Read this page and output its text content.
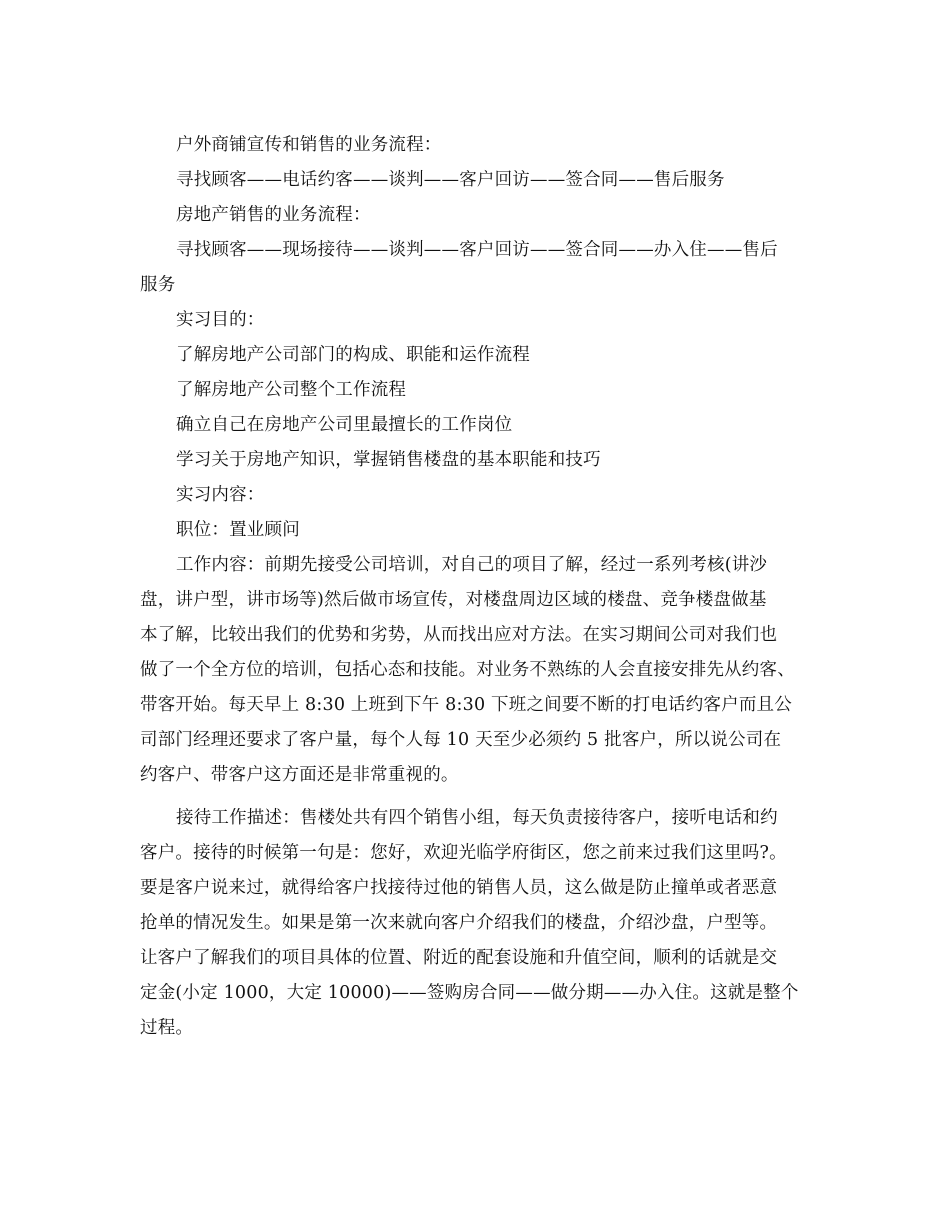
户外商铺宣传和销售的业务流程：
寻找顾客——电话约客——谈判——客户回访——签合同——售后服务
房地产销售的业务流程：
寻找顾客——现场接待——谈判——客户回访——签合同——办入住——售后
服务
实习目的：
了解房地产公司部门的构成、职能和运作流程
了解房地产公司整个工作流程
确立自己在房地产公司里最擅长的工作岗位
学习关于房地产知识，掌握销售楼盘的基本职能和技巧
实习内容：
职位：置业顾问
工作内容：前期先接受公司培训，对自己的项目了解，经过一系列考核(讲沙
盘，讲户型，讲市场等)然后做市场宣传，对楼盘周边区域的楼盘、竞争楼盘做基
本了解，比较出我们的优势和劣势，从而找出应对方法。在实习期间公司对我们也
做了一个全方位的培训，包括心态和技能。对业务不熟练的人会直接安排先从约客、
带客开始。每天早上 8:30 上班到下午 8:30 下班之间要不断的打电话约客户而且公
司部门经理还要求了客户量，每个人每 10 天至少必须约 5 批客户，所以说公司在
约客户、带客户这方面还是非常重视的。
接待工作描述：售楼处共有四个销售小组，每天负责接待客户，接听电话和约
客户。接待的时候第一句是：您好，欢迎光临学府街区，您之前来过我们这里吗?。
要是客户说来过，就得给客户找接待过他的销售人员，这么做是防止撞单或者恶意
抢单的情况发生。如果是第一次来就向客户介绍我们的楼盘，介绍沙盘，户型等。
让客户了解我们的项目具体的位置、附近的配套设施和升值空间，顺利的话就是交
定金(小定 1000，大定 10000)——签购房合同——做分期——办入住。这就是整个
过程。
